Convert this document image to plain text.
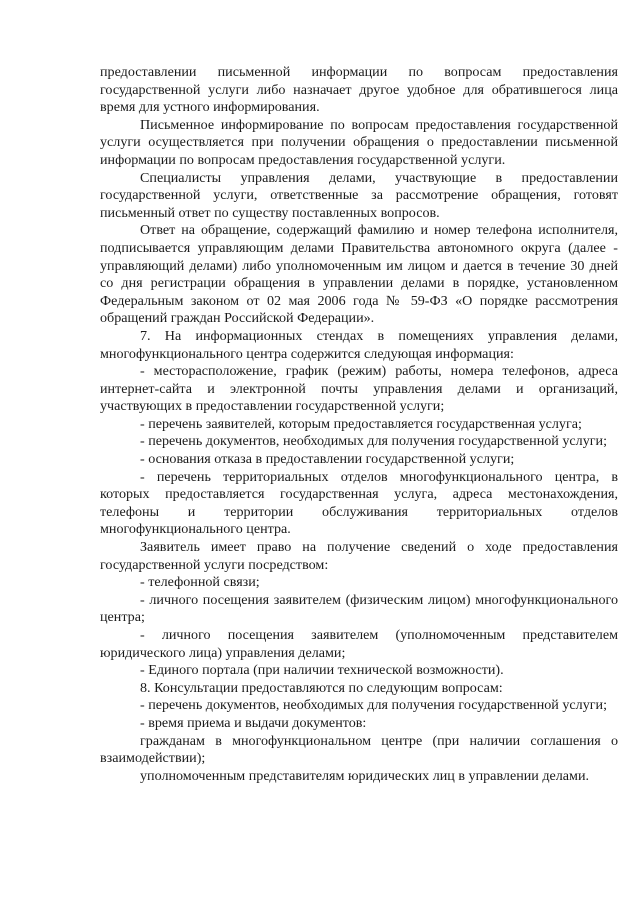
предоставлении письменной информации по вопросам предоставления государственной услуги либо назначает другое удобное для обратившегося лица время для устного информирования.

Письменное информирование по вопросам предоставления государственной услуги осуществляется при получении обращения о предоставлении письменной информации по вопросам предоставления государственной услуги.

Специалисты управления делами, участвующие в предоставлении государственной услуги, ответственные за рассмотрение обращения, готовят письменный ответ по существу поставленных вопросов.

Ответ на обращение, содержащий фамилию и номер телефона исполнителя, подписывается управляющим делами Правительства автономного округа (далее - управляющий делами) либо уполномоченным им лицом и дается в течение 30 дней со дня регистрации обращения в управлении делами в порядке, установленном Федеральным законом от 02 мая 2006 года № 59-ФЗ «О порядке рассмотрения обращений граждан Российской Федерации».

7. На информационных стендах в помещениях управления делами, многофункционального центра содержится следующая информация:

- месторасположение, график (режим) работы, номера телефонов, адреса интернет-сайта и электронной почты управления делами и организаций, участвующих в предоставлении государственной услуги;

- перечень заявителей, которым предоставляется государственная услуга;

- перечень документов, необходимых для получения государственной услуги;

- основания отказа в предоставлении государственной услуги;

- перечень территориальных отделов многофункционального центра, в которых предоставляется государственная услуга, адреса местонахождения, телефоны и территории обслуживания территориальных отделов многофункционального центра.

Заявитель имеет право на получение сведений о ходе предоставления государственной услуги посредством:

- телефонной связи;

- личного посещения заявителем (физическим лицом) многофункционального центра;

- личного посещения заявителем (уполномоченным представителем юридического лица) управления делами;

- Единого портала (при наличии технической возможности).

8. Консультации предоставляются по следующим вопросам:

- перечень документов, необходимых для получения государственной услуги;

- время приема и выдачи документов:

гражданам в многофункциональном центре (при наличии соглашения о взаимодействии);

уполномоченным представителям юридических лиц в управлении делами.
